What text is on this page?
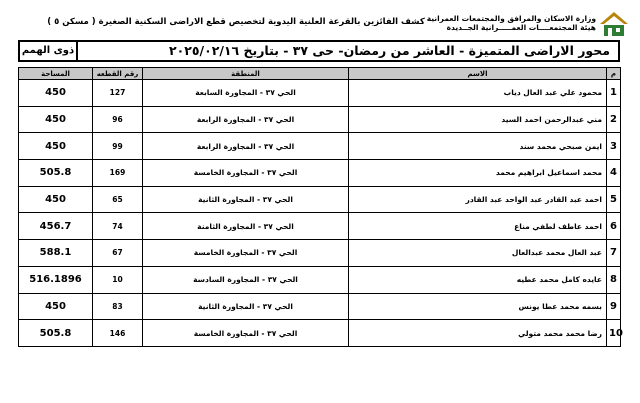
وزارة الاسكان والمرافق والمجتمعات العمرانية
هيئة المجتمعــــات العمـــــرانية الجــديدة
كشف الفائزين بالقرعة العلنية اليدوية لتخصيص قطع الاراضى السكنية الصغيرة ( مسكن ٥ )
محور الاراضى المتميزة - العاشر من رمضان- حى ٣٧ - بتاريخ ٢٠٢٥/٠٢/١٦
ذوى الهمم
المساحة	رقم القطعه	المنطقة	الاسم	م
450	127	الحي ٣٧ - المجاورة السابعة	محمود علي عبد العال دياب	1
450	96	الحي ٣٧ - المجاورة الرابعة	مني عبدالرحمن احمد السيد	2
450	99	الحي ٣٧ - المجاورة الرابعة	ايمن صبحي محمد سند	3
505.8	169	الحي ٣٧ - المجاورة الخامسة	محمد اسماعيل ابراهيم محمد	4
450	65	الحي ٣٧ - المجاورة الثانية	احمد عبد القادر عبد الواحد عبد القادر	5
456.7	74	الحي ٣٧ - المجاورة الثامنة	احمد عاطف لطفي مناع	6
588.1	67	الحي ٣٧ - المجاورة الخامسة	عبد العال محمد عبدالعال	7
516.1896	10	الحي ٣٧ - المجاورة السادسة	عايده كامل محمد عطيه	8
450	83	الحي ٣٧ - المجاورة الثانية	بسمه محمد عطا يونس	9
505.8	146	الحي ٣٧ - المجاورة الخامسة	رضا محمد محمد متولي	10
